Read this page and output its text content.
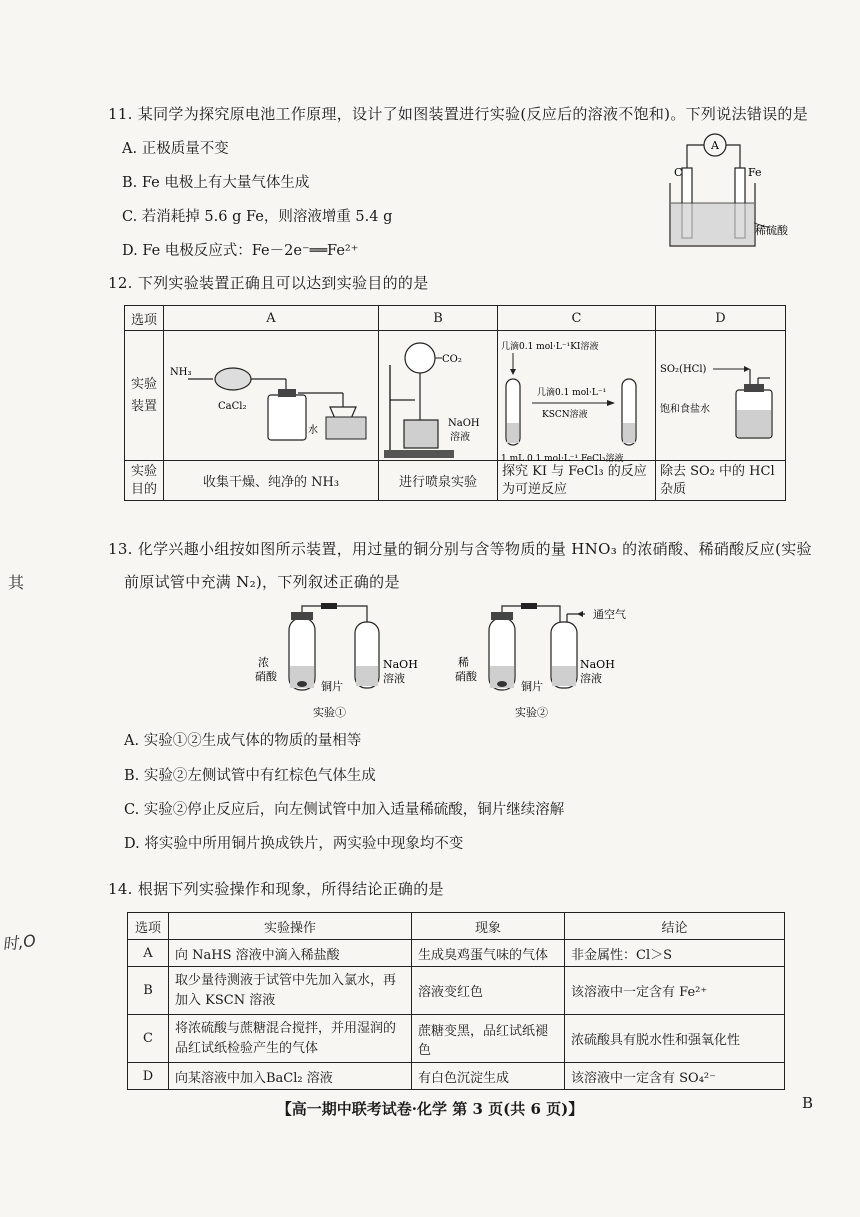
其
时,O
11. 某同学为探究原电池工作原理，设计了如图装置进行实验(反应后的溶液不饱和)。下列说法错误的是
A. 正极质量不变
B. Fe 电极上有大量气体生成
C. 若消耗掉 5.6 g Fe，则溶液增重 5.4 g
D. Fe 电极反应式：Fe－2e⁻══Fe²⁺
A
C	Fe
稀硫酸
12. 下列实验装置正确且可以达到实验目的的是
选项	A	B	C	D
实验装置				
实验目的	收集干燥、纯净的 NH₃	进行喷泉实验	探究 KI 与 FeCl₃ 的反应为可逆反应	除去 SO₂ 中的 HCl 杂质
NH₃
CaCl₂
水
CO₂
NaOH
溶液
几滴0.1 mol·L⁻¹KI溶液
几滴0.1 mol·L⁻¹
KSCN溶液
1 mL 0.1 mol·L⁻¹ FeCl₃溶液
SO₂(HCl)
饱和食盐水
13. 化学兴趣小组按如图所示装置，用过量的铜分别与含等物质的量 HNO₃ 的浓硝酸、稀硝酸反应(实验
前原试管中充满 N₂)，下列叙述正确的是
浓
硝酸
铜片
NaOH
溶液
实验①
通空气
稀
硝酸
铜片
NaOH
溶液
实验②
A. 实验①②生成气体的物质的量相等
B. 实验②左侧试管中有红棕色气体生成
C. 实验②停止反应后，向左侧试管中加入适量稀硫酸，铜片继续溶解
D. 将实验中所用铜片换成铁片，两实验中现象均不变
14. 根据下列实验操作和现象，所得结论正确的是
选项	实验操作	现象	结论
A	向 NaHS 溶液中滴入稀盐酸	生成臭鸡蛋气味的气体	非金属性：Cl＞S
B	取少量待测液于试管中先加入氯水，再
加入 KSCN 溶液	溶液变红色	该溶液中一定含有 Fe²⁺
C	将浓硫酸与蔗糖混合搅拌，并用湿润的
品红试纸检验产生的气体	蔗糖变黑，品红试纸褪色	浓硫酸具有脱水性和强氧化性
D	向某溶液中加入BaCl₂ 溶液	有白色沉淀生成	该溶液中一定含有 SO₄²⁻
【高一期中联考试卷·化学 第 3 页(共 6 页)】	B
